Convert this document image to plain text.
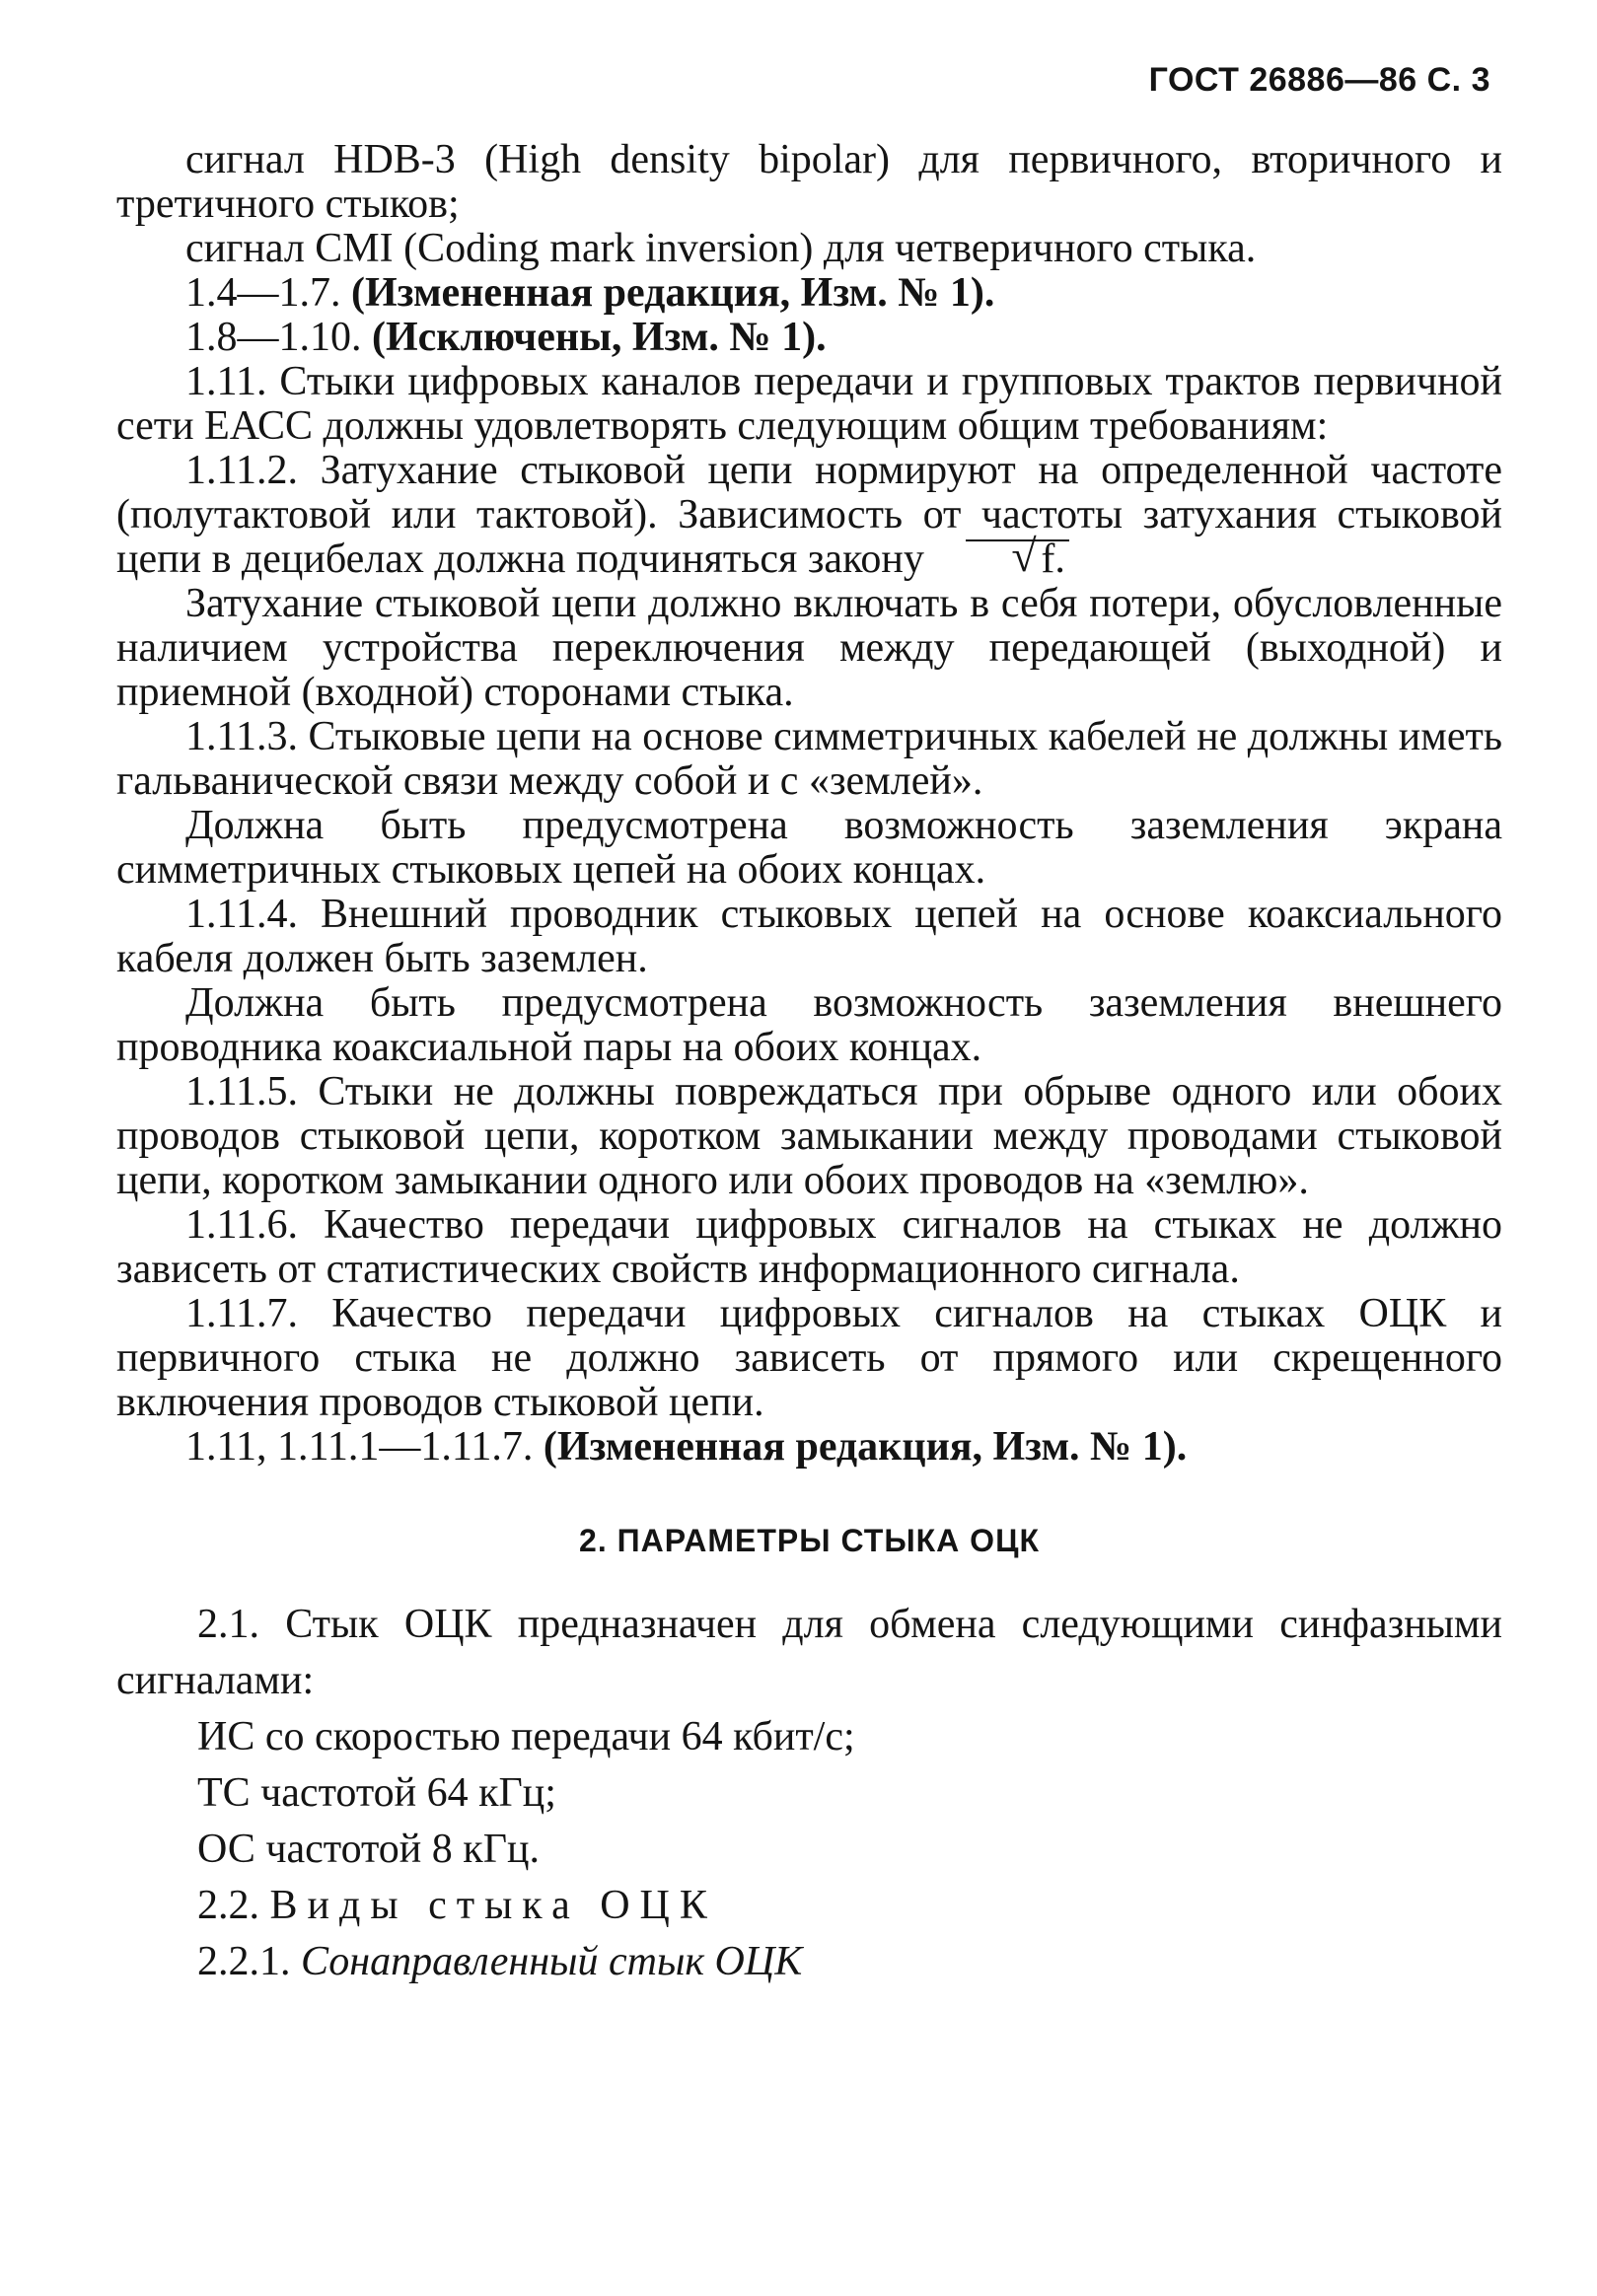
ГОСТ 26886—86 С. 3

сигнал HDB-3 (High density bipolar) для первичного, вторичного и третичного стыков;

сигнал CMI (Coding mark inversion) для четверичного стыка.

1.4—1.7. (Измененная редакция, Изм. № 1).

1.8—1.10. (Исключены, Изм. № 1).

1.11. Стыки цифровых каналов передачи и групповых трактов первичной сети ЕАСС должны удовлетворять следующим общим требованиям:

1.11.2. Затухание стыковой цепи нормируют на определенной частоте (полутактовой или тактовой). Зависимость от частоты затухания стыковой цепи в децибелах должна подчиняться закону √	f.

Затухание стыковой цепи должно включать в себя потери, обусловленные наличием устройства переключения между передающей (выходной) и приемной (входной) сторонами стыка.

1.11.3. Стыковые цепи на основе симметричных кабелей не должны иметь гальванической связи между собой и с «землей».

Должна быть предусмотрена возможность заземления экрана симметричных стыковых цепей на обоих концах.

1.11.4. Внешний проводник стыковых цепей на основе коаксиального кабеля должен быть заземлен.

Должна быть предусмотрена возможность заземления внешнего проводника коаксиальной пары на обоих концах.

1.11.5. Стыки не должны повреждаться при обрыве одного или обоих проводов стыковой цепи, коротком замыкании между проводами стыковой цепи, коротком замыкании одного или обоих проводов на «землю».

1.11.6. Качество передачи цифровых сигналов на стыках не должно зависеть от статистических свойств информационного сигнала.

1.11.7. Качество передачи цифровых сигналов на стыках ОЦК и первичного стыка не должно зависеть от прямого или скрещенного включения проводов стыковой цепи.

1.11, 1.11.1—1.11.7. (Измененная редакция, Изм. № 1).

2. ПАРАМЕТРЫ СТЫКА ОЦК

2.1. Стык ОЦК предназначен для обмена следующими синфазными сигналами:

ИС со скоростью передачи 64 кбит/с;

ТС частотой 64 кГц;

ОС частотой 8 кГц.

2.2. Виды стыка ОЦК

2.2.1. Сонаправленный стык ОЦК
